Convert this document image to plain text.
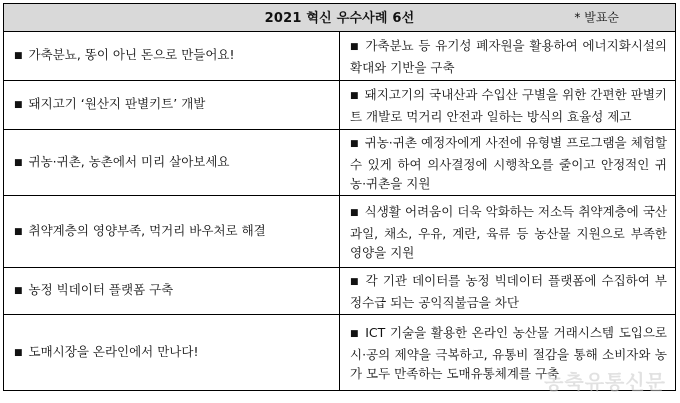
2021 혁신 우수사례 6선 * 발표순	

■ 가축분뇨, 똥이 아닌 돈으로 만들어요!	■ 가축분뇨 등 유기성 폐자원을 활용하여 에너지화시설의 확대와 기반을 구축
■ 돼지고기 ‘원산지 판별키트’ 개발	■ 돼지고기의 국내산과 수입산 구별을 위한 간편한 판별키트 개발로 먹거리 안전과 일하는 방식의 효율성 제고
■ 귀농·귀촌, 농촌에서 미리 살아보세요	■ 귀농·귀촌 예정자에게 사전에 유형별 프로그램을 체험할 수 있게 하여 의사결정에 시행착오를 줄이고 안정적인 귀농·귀촌을 지원
■ 취약계층의 영양부족, 먹거리 바우처로 해결	■ 식생활 어려움이 더욱 악화하는 저소득 취약계층에 국산 과일, 채소, 우유, 계란, 육류 등 농산물 지원으로 부족한 영양을 지원
■ 농정 빅데이터 플랫폼 구축	■ 각 기관 데이터를 농정 빅데이터 플랫폼에 수집하여 부정수급 되는 공익직불금을 차단
■ 도매시장을 온라인에서 만나다!	■ ICT 기술을 활용한 온라인 농산물 거래시스템 도입으로 시·공의 제약을 극복하고, 유통비 절감을 통해 소비자와 농가 모두 만족하는 도매유통체계를 구축
농축유통신문
